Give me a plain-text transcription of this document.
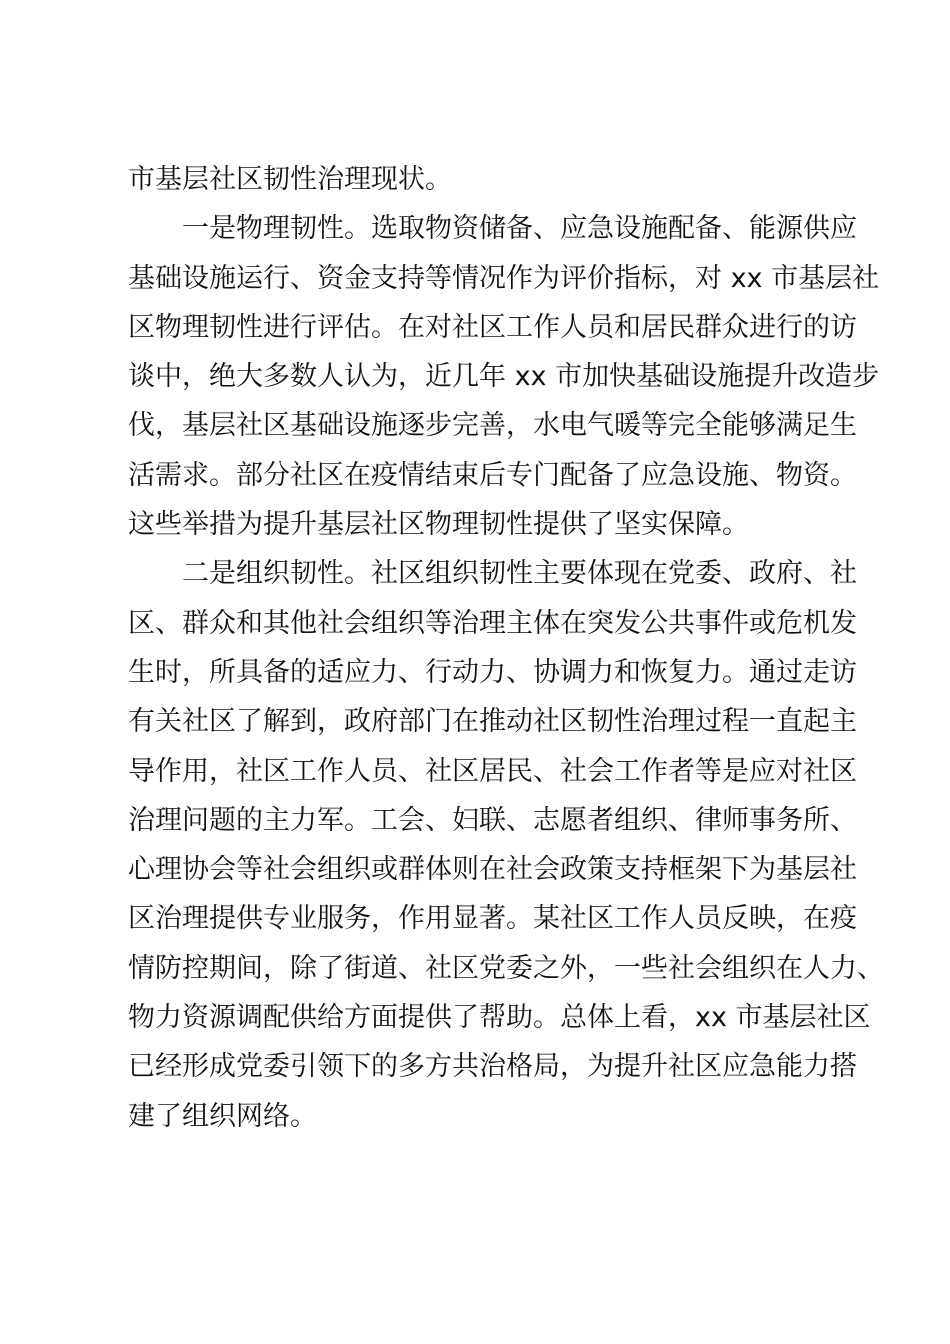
市基层社区韧性治理现状。
一是物理韧性。选取物资储备、应急设施配备、能源供应
基础设施运行、资金支持等情况作为评价指标，对 xx 市基层社
区物理韧性进行评估。在对社区工作人员和居民群众进行的访
谈中，绝大多数人认为，近几年 xx 市加快基础设施提升改造步
伐，基层社区基础设施逐步完善，水电气暖等完全能够满足生
活需求。部分社区在疫情结束后专门配备了应急设施、物资。
这些举措为提升基层社区物理韧性提供了坚实保障。
二是组织韧性。社区组织韧性主要体现在党委、政府、社
区、群众和其他社会组织等治理主体在突发公共事件或危机发
生时，所具备的适应力、行动力、协调力和恢复力。通过走访
有关社区了解到，政府部门在推动社区韧性治理过程一直起主
导作用，社区工作人员、社区居民、社会工作者等是应对社区
治理问题的主力军。工会、妇联、志愿者组织、律师事务所、
心理协会等社会组织或群体则在社会政策支持框架下为基层社
区治理提供专业服务，作用显著。某社区工作人员反映，在疫
情防控期间，除了街道、社区党委之外，一些社会组织在人力、
物力资源调配供给方面提供了帮助。总体上看，xx 市基层社区
已经形成党委引领下的多方共治格局，为提升社区应急能力搭
建了组织网络。
